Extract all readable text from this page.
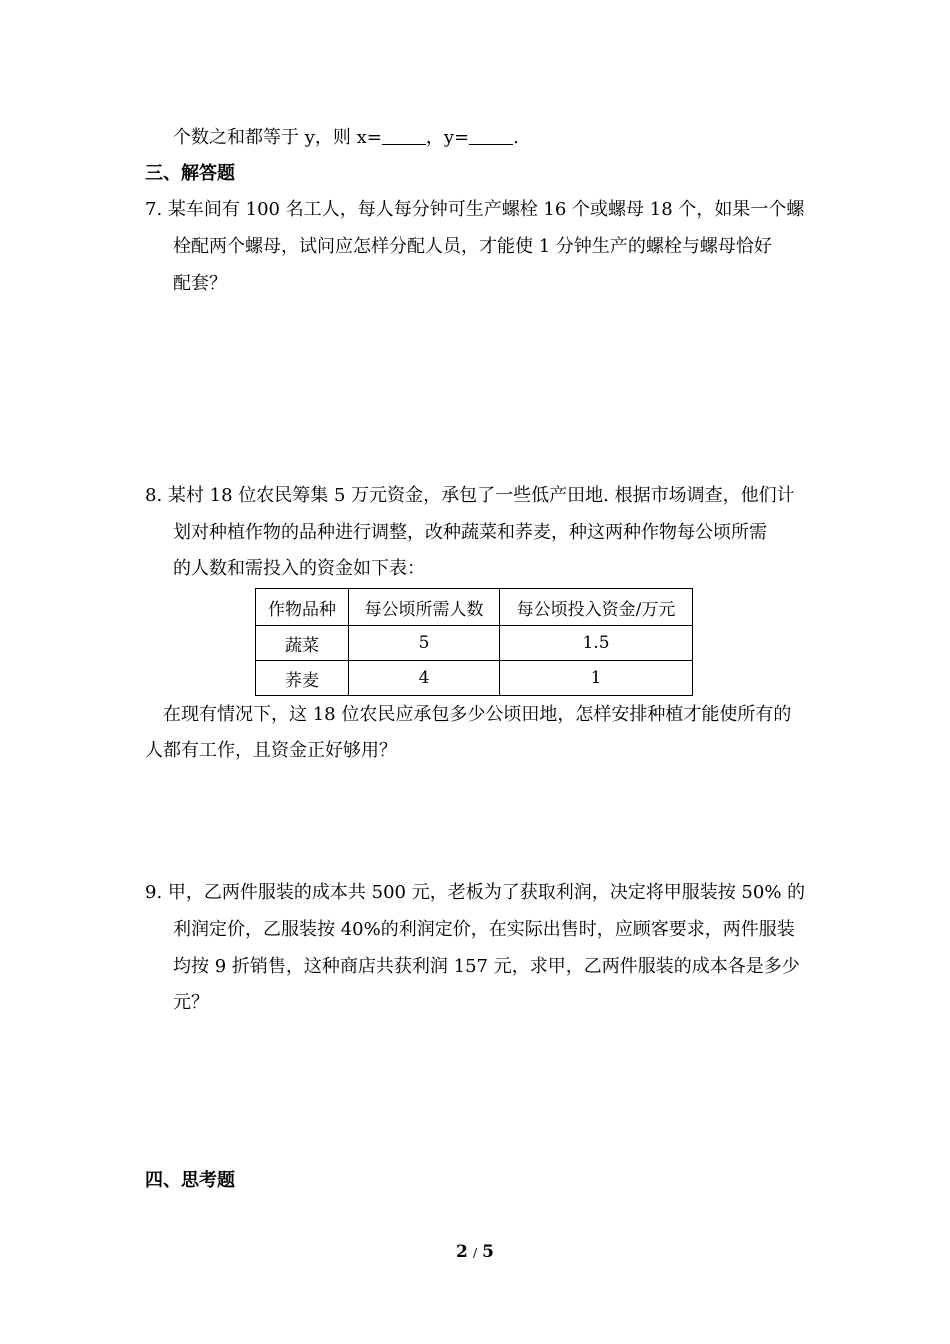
个数之和都等于 y，则 x= ，y= .
三、解答题
7. 某车间有 100 名工人，每人每分钟可生产螺栓 16 个或螺母 18 个，如果一个螺
栓配两个螺母，试问应怎样分配人员，才能使 1 分钟生产的螺栓与螺母恰好
配套？
8. 某村 18 位农民筹集 5 万元资金，承包了一些低产田地. 根据市场调查，他们计
划对种植作物的品种进行调整，改种蔬菜和荞麦，种这两种作物每公顷所需
的人数和需投入的资金如下表：
作物品种	每公顷所需人数	每公顷投入资金/万元
蔬菜	5	1.5
荞麦	4	1
在现有情况下，这 18 位农民应承包多少公顷田地，怎样安排种植才能使所有的
人都有工作，且资金正好够用？
9. 甲，乙两件服装的成本共 500 元，老板为了获取利润，决定将甲服装按 50% 的
利润定价，乙服装按 40%的利润定价，在实际出售时，应顾客要求，两件服装
均按 9 折销售，这种商店共获利润 157 元，求甲，乙两件服装的成本各是多少
元？
四、思考题
2 / 5
